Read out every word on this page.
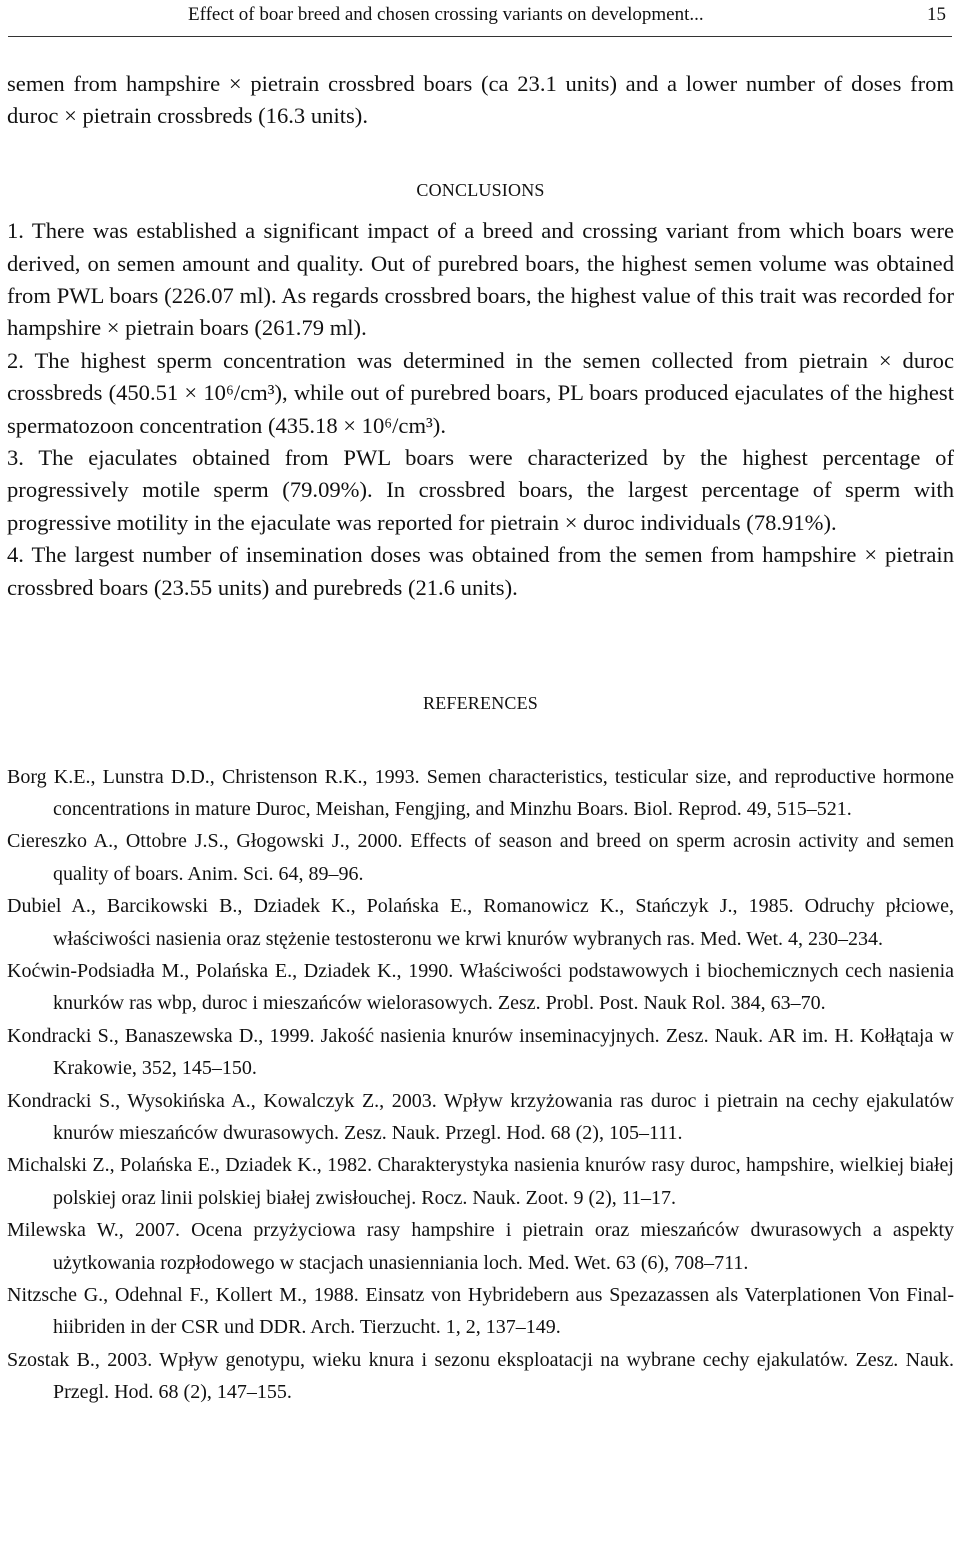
Effect of boar breed and chosen crossing variants on development...	15

semen from hampshire × pietrain crossbred boars (ca 23.1 units) and a lower number of doses from duroc × pietrain crossbreds (16.3 units).

CONCLUSIONS

1. There was established a significant impact of a breed and crossing variant from which boars were derived, on semen amount and quality. Out of purebred boars, the highest semen volume was obtained from PWL boars (226.07 ml). As regards crossbred boars, the highest value of this trait was recorded for hampshire × pietrain boars (261.79 ml).

2. The highest sperm concentration was determined in the semen collected from pietrain × duroc crossbreds (450.51 × 10⁶/cm³), while out of purebred boars, PL boars produced ejaculates of the highest spermatozoon concentration (435.18 × 10⁶/cm³).

3. The ejaculates obtained from PWL boars were characterized by the highest percentage of progressively motile sperm (79.09%). In crossbred boars, the largest percentage of sperm with progressive motility in the ejaculate was reported for pietrain × duroc individuals (78.91%).

4. The largest number of insemination doses was obtained from the semen from hampshire × pietrain crossbred boars (23.55 units) and purebreds (21.6 units).

REFERENCES

Borg K.E., Lunstra D.D., Christenson R.K., 1993. Semen characteristics, testicular size, and reproductive hormone concentrations in mature Duroc, Meishan, Fengjing, and Minzhu Boars. Biol. Reprod. 49, 515–521.

Ciereszko A., Ottobre J.S., Głogowski J., 2000. Effects of season and breed on sperm acrosin activity and semen quality of boars. Anim. Sci. 64, 89–96.

Dubiel A., Barcikowski B., Dziadek K., Polańska E., Romanowicz K., Stańczyk J., 1985. Odruchy płciowe, właściwości nasienia oraz stężenie testosteronu we krwi knurów wybranych ras. Med. Wet. 4, 230–234.

Koćwin-Podsiadła M., Polańska E., Dziadek K., 1990. Właściwości podstawowych i biochemicznych cech nasienia knurków ras wbp, duroc i mieszańców wielorasowych. Zesz. Probl. Post. Nauk Rol. 384, 63–70.

Kondracki S., Banaszewska D., 1999. Jakość nasienia knurów inseminacyjnych. Zesz. Nauk. AR im. H. Kołłątaja w Krakowie, 352, 145–150.

Kondracki S., Wysokińska A., Kowalczyk Z., 2003. Wpływ krzyżowania ras duroc i pietrain na cechy ejakulatów knurów mieszańców dwurasowych. Zesz. Nauk. Przegl. Hod. 68 (2), 105–111.

Michalski Z., Polańska E., Dziadek K., 1982. Charakterystyka nasienia knurów rasy duroc, hampshire, wielkiej białej polskiej oraz linii polskiej białej zwisłouchej. Rocz. Nauk. Zoot. 9 (2), 11–17.

Milewska W., 2007. Ocena przyżyciowa rasy hampshire i pietrain oraz mieszańców dwurasowych a aspekty użytkowania rozpłodowego w stacjach unasienniania loch. Med. Wet. 63 (6), 708–711.

Nitzsche G., Odehnal F., Kollert M., 1988. Einsatz von Hybridebern aus Spezazassen als Vaterplationen Von Final-hiibriden in der CSR und DDR. Arch. Tierzucht. 1, 2, 137–149.

Szostak B., 2003. Wpływ genotypu, wieku knura i sezonu eksploatacji na wybrane cechy ejakulatów. Zesz. Nauk. Przegl. Hod. 68 (2), 147–155.
